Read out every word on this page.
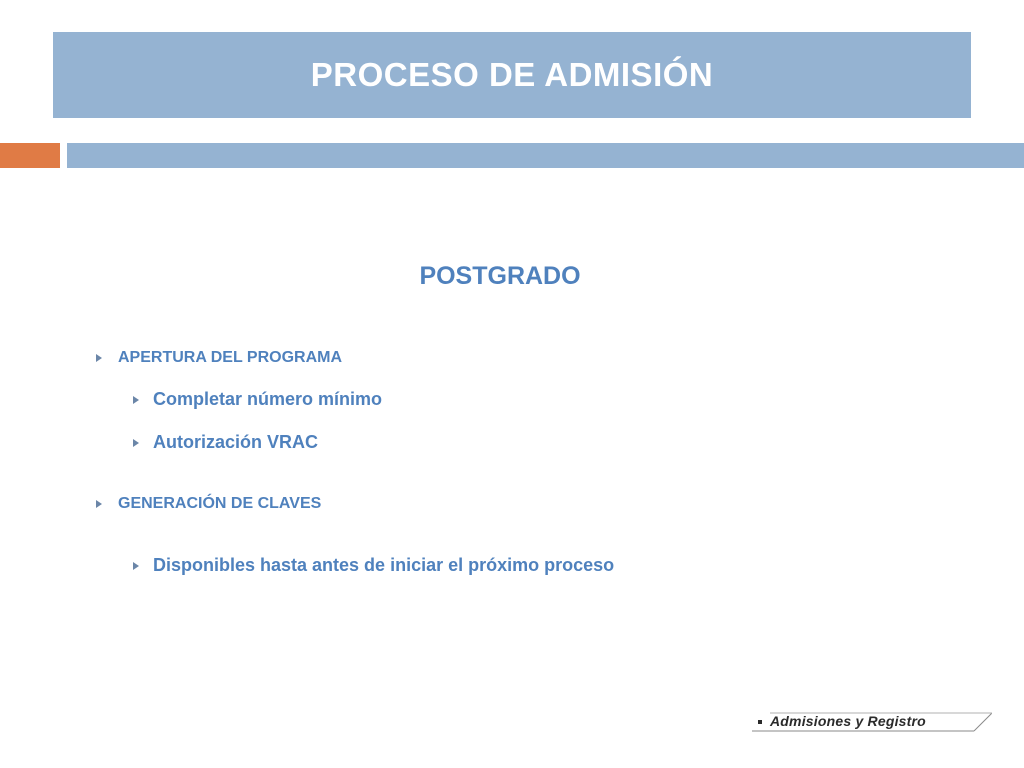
PROCESO DE ADMISIÓN
POSTGRADO
APERTURA DEL PROGRAMA
Completar número mínimo
Autorización VRAC
GENERACIÓN DE CLAVES
Disponibles hasta antes de iniciar el próximo proceso
Admisiones y Registro
